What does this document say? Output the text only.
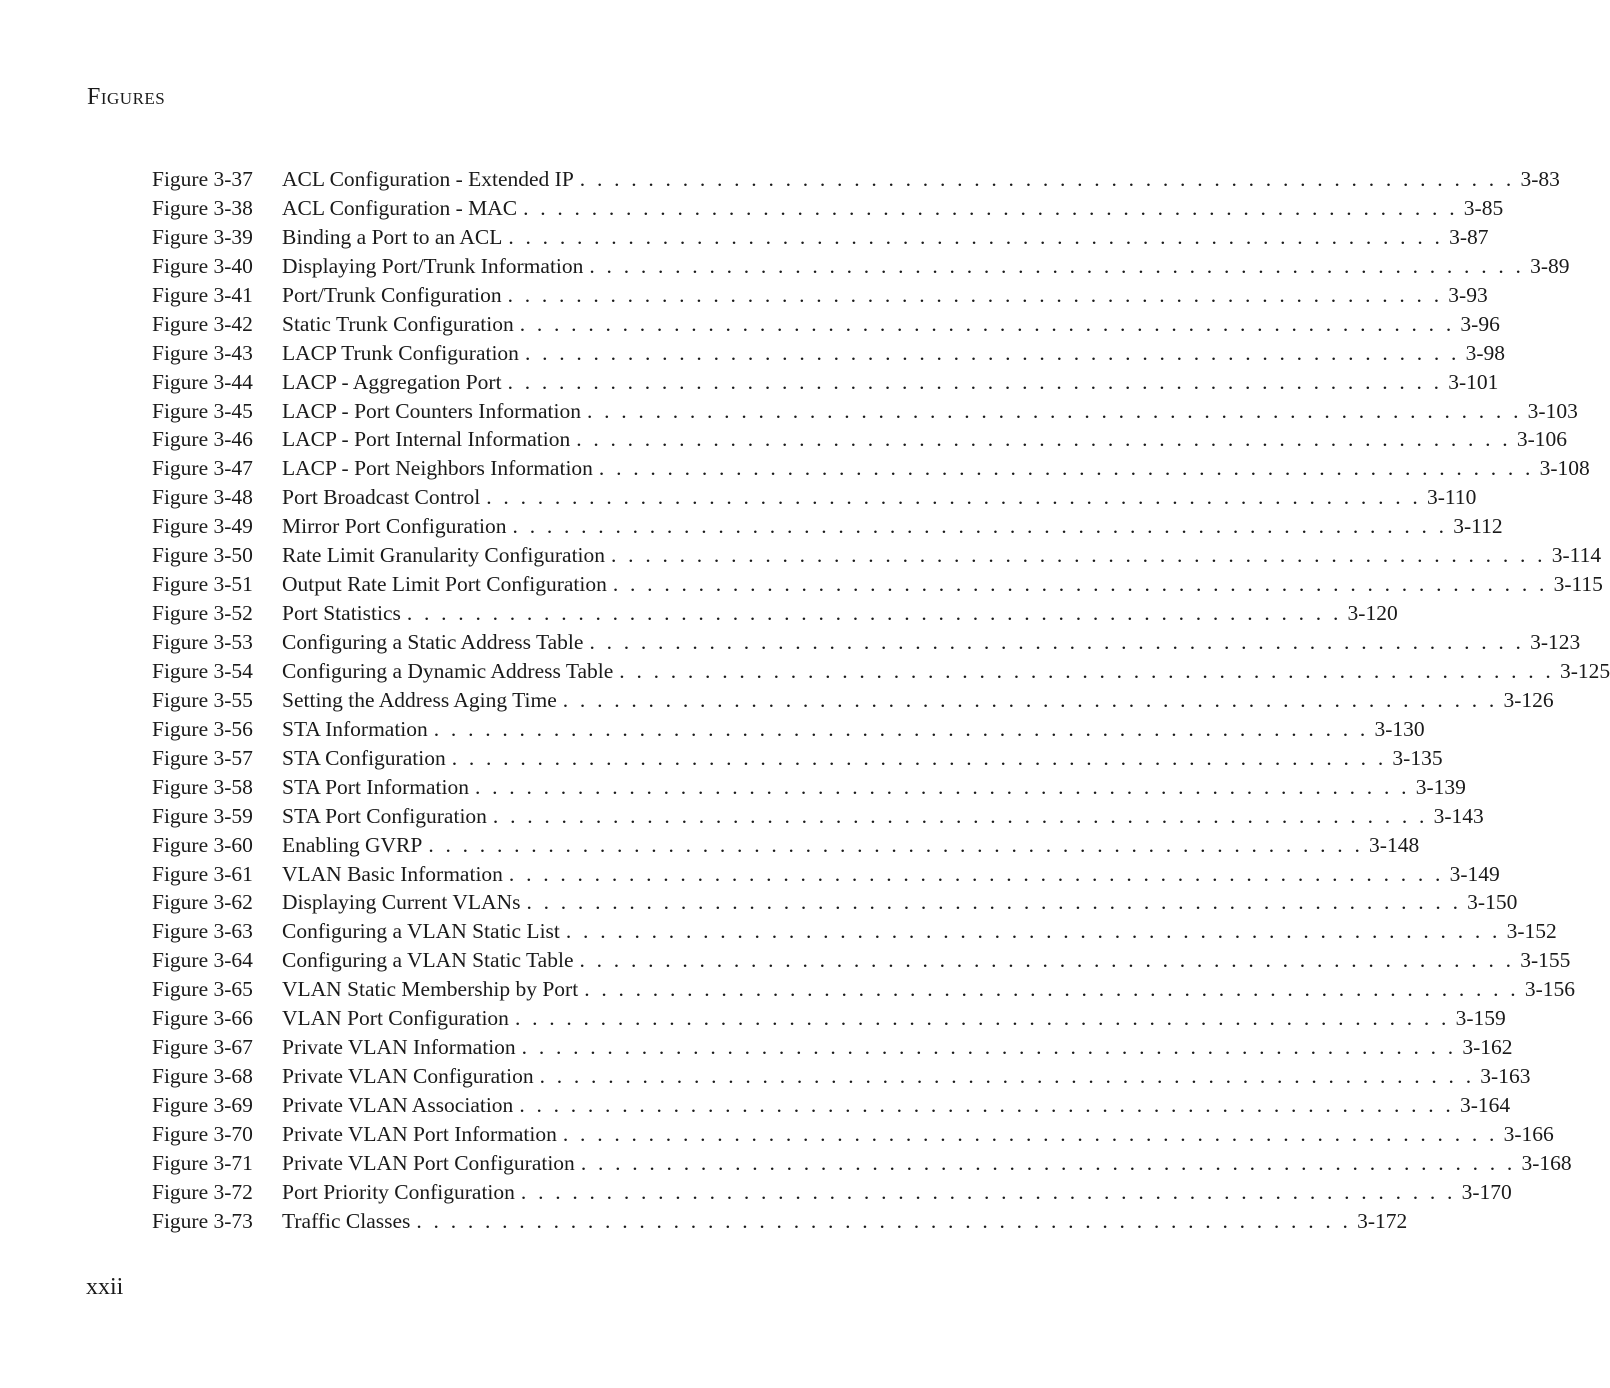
Figures
Figure 3-37	ACL Configuration - Extended IP . . . . . . . . . . . . . . . . . . . . . . . . . . . . . . . . . . . . . . . . . . . . . . . . . . . . . . . 3-83
Figure 3-38	ACL Configuration - MAC . . . . . . . . . . . . . . . . . . . . . . . . . . . . . . . . . . . . . . . . . . . . . . . . . . . . . . . 3-85
Figure 3-39	Binding a Port to an ACL . . . . . . . . . . . . . . . . . . . . . . . . . . . . . . . . . . . . . . . . . . . . . . . . . . . . . . . 3-87
Figure 3-40	Displaying Port/Trunk Information . . . . . . . . . . . . . . . . . . . . . . . . . . . . . . . . . . . . . . . . . . . . . . . . . . . . . . . 3-89
Figure 3-41	Port/Trunk Configuration . . . . . . . . . . . . . . . . . . . . . . . . . . . . . . . . . . . . . . . . . . . . . . . . . . . . . . . 3-93
Figure 3-42	Static Trunk Configuration . . . . . . . . . . . . . . . . . . . . . . . . . . . . . . . . . . . . . . . . . . . . . . . . . . . . . . . 3-96
Figure 3-43	LACP Trunk Configuration . . . . . . . . . . . . . . . . . . . . . . . . . . . . . . . . . . . . . . . . . . . . . . . . . . . . . . . 3-98
Figure 3-44	LACP - Aggregation Port . . . . . . . . . . . . . . . . . . . . . . . . . . . . . . . . . . . . . . . . . . . . . . . . . . . . . . . 3-101
Figure 3-45	LACP - Port Counters Information . . . . . . . . . . . . . . . . . . . . . . . . . . . . . . . . . . . . . . . . . . . . . . . . . . . . . . . 3-103
Figure 3-46	LACP - Port Internal Information . . . . . . . . . . . . . . . . . . . . . . . . . . . . . . . . . . . . . . . . . . . . . . . . . . . . . . . 3-106
Figure 3-47	LACP - Port Neighbors Information . . . . . . . . . . . . . . . . . . . . . . . . . . . . . . . . . . . . . . . . . . . . . . . . . . . . . . . 3-108
Figure 3-48	Port Broadcast Control . . . . . . . . . . . . . . . . . . . . . . . . . . . . . . . . . . . . . . . . . . . . . . . . . . . . . . . 3-110
Figure 3-49	Mirror Port Configuration . . . . . . . . . . . . . . . . . . . . . . . . . . . . . . . . . . . . . . . . . . . . . . . . . . . . . . . 3-112
Figure 3-50	Rate Limit Granularity Configuration . . . . . . . . . . . . . . . . . . . . . . . . . . . . . . . . . . . . . . . . . . . . . . . . . . . . . . . 3-114
Figure 3-51	Output Rate Limit Port Configuration . . . . . . . . . . . . . . . . . . . . . . . . . . . . . . . . . . . . . . . . . . . . . . . . . . . . . . . 3-115
Figure 3-52	Port Statistics . . . . . . . . . . . . . . . . . . . . . . . . . . . . . . . . . . . . . . . . . . . . . . . . . . . . . . . 3-120
Figure 3-53	Configuring a Static Address Table . . . . . . . . . . . . . . . . . . . . . . . . . . . . . . . . . . . . . . . . . . . . . . . . . . . . . . . 3-123
Figure 3-54	Configuring a Dynamic Address Table . . . . . . . . . . . . . . . . . . . . . . . . . . . . . . . . . . . . . . . . . . . . . . . . . . . . . . . 3-125
Figure 3-55	Setting the Address Aging Time . . . . . . . . . . . . . . . . . . . . . . . . . . . . . . . . . . . . . . . . . . . . . . . . . . . . . . . 3-126
Figure 3-56	STA Information . . . . . . . . . . . . . . . . . . . . . . . . . . . . . . . . . . . . . . . . . . . . . . . . . . . . . . . 3-130
Figure 3-57	STA Configuration . . . . . . . . . . . . . . . . . . . . . . . . . . . . . . . . . . . . . . . . . . . . . . . . . . . . . . . 3-135
Figure 3-58	STA Port Information . . . . . . . . . . . . . . . . . . . . . . . . . . . . . . . . . . . . . . . . . . . . . . . . . . . . . . . 3-139
Figure 3-59	STA Port Configuration . . . . . . . . . . . . . . . . . . . . . . . . . . . . . . . . . . . . . . . . . . . . . . . . . . . . . . . 3-143
Figure 3-60	Enabling GVRP . . . . . . . . . . . . . . . . . . . . . . . . . . . . . . . . . . . . . . . . . . . . . . . . . . . . . . . 3-148
Figure 3-61	VLAN Basic Information . . . . . . . . . . . . . . . . . . . . . . . . . . . . . . . . . . . . . . . . . . . . . . . . . . . . . . . 3-149
Figure 3-62	Displaying Current VLANs . . . . . . . . . . . . . . . . . . . . . . . . . . . . . . . . . . . . . . . . . . . . . . . . . . . . . . . 3-150
Figure 3-63	Configuring a VLAN Static List . . . . . . . . . . . . . . . . . . . . . . . . . . . . . . . . . . . . . . . . . . . . . . . . . . . . . . . 3-152
Figure 3-64	Configuring a VLAN Static Table . . . . . . . . . . . . . . . . . . . . . . . . . . . . . . . . . . . . . . . . . . . . . . . . . . . . . . . 3-155
Figure 3-65	VLAN Static Membership by Port . . . . . . . . . . . . . . . . . . . . . . . . . . . . . . . . . . . . . . . . . . . . . . . . . . . . . . . 3-156
Figure 3-66	VLAN Port Configuration . . . . . . . . . . . . . . . . . . . . . . . . . . . . . . . . . . . . . . . . . . . . . . . . . . . . . . . 3-159
Figure 3-67	Private VLAN Information . . . . . . . . . . . . . . . . . . . . . . . . . . . . . . . . . . . . . . . . . . . . . . . . . . . . . . . 3-162
Figure 3-68	Private VLAN Configuration . . . . . . . . . . . . . . . . . . . . . . . . . . . . . . . . . . . . . . . . . . . . . . . . . . . . . . . 3-163
Figure 3-69	Private VLAN Association . . . . . . . . . . . . . . . . . . . . . . . . . . . . . . . . . . . . . . . . . . . . . . . . . . . . . . . 3-164
Figure 3-70	Private VLAN Port Information . . . . . . . . . . . . . . . . . . . . . . . . . . . . . . . . . . . . . . . . . . . . . . . . . . . . . . . 3-166
Figure 3-71	Private VLAN Port Configuration . . . . . . . . . . . . . . . . . . . . . . . . . . . . . . . . . . . . . . . . . . . . . . . . . . . . . . . 3-168
Figure 3-72	Port Priority Configuration . . . . . . . . . . . . . . . . . . . . . . . . . . . . . . . . . . . . . . . . . . . . . . . . . . . . . . . 3-170
Figure 3-73	Traffic Classes . . . . . . . . . . . . . . . . . . . . . . . . . . . . . . . . . . . . . . . . . . . . . . . . . . . . . . . 3-172
xxii
